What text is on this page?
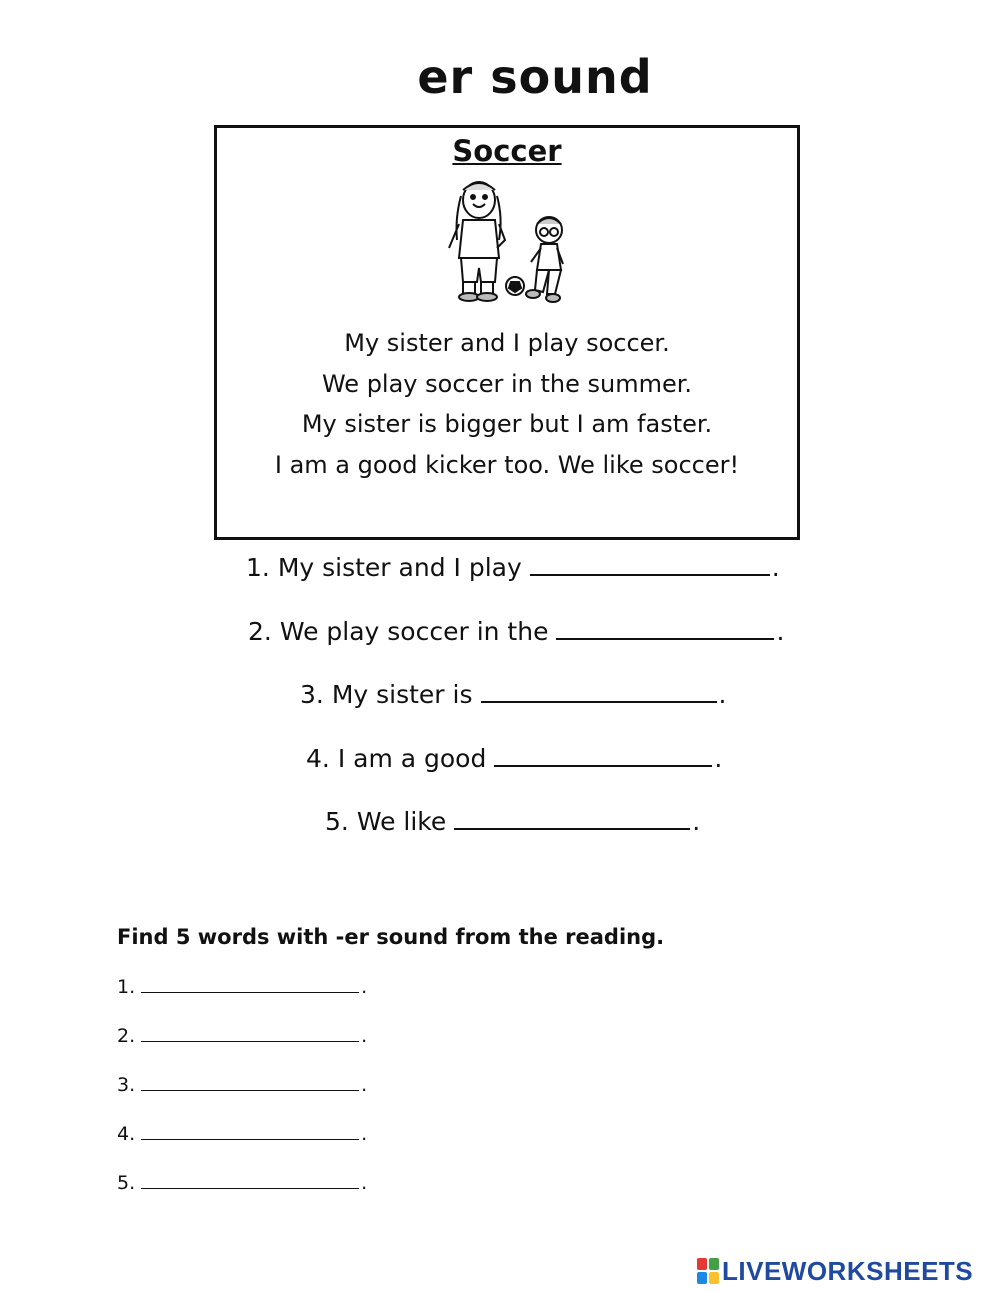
er sound
Soccer
My sister and I play soccer.
We play soccer in the summer.
My sister is bigger but I am faster.
I am a good kicker too. We like soccer!
1. My sister and I play	.
2. We play soccer in the	.
3. My sister is	.
4. I am a good	.
5. We like	.
Find 5 words with -er sound from the reading.
1.	.
2.	.
3.	.
4.	.
5.	.
LIVEWORKSHEETS
